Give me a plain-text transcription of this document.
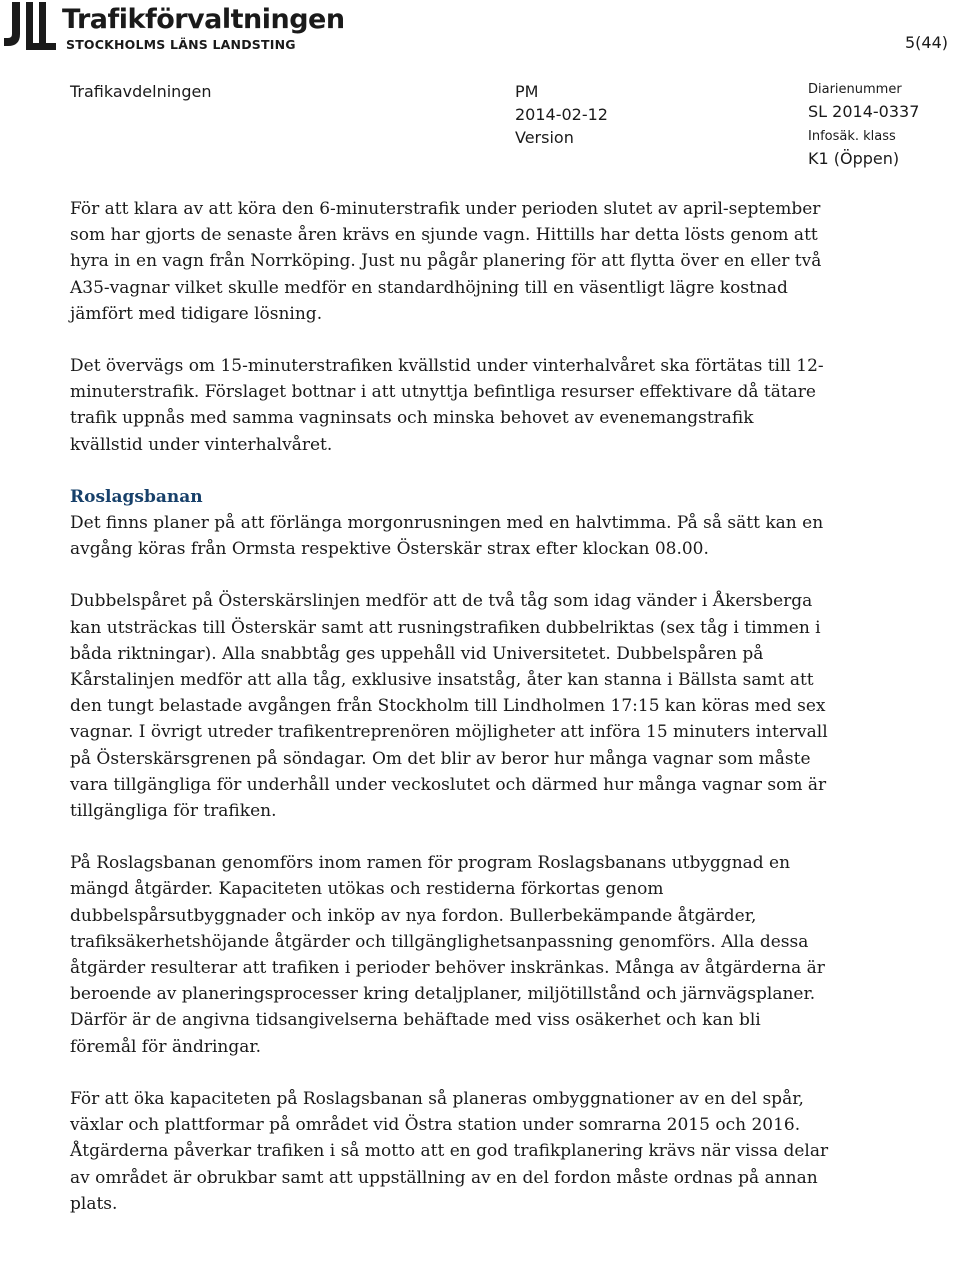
Trafikförvaltningen
STOCKHOLMS LÄNS LANDSTING	5(44)
Trafikavdelningen	PM
2014-02-12
Version
Diarienummer
SL 2014-0337
Infosäk. klass
K1 (Öppen)

För att klara av att köra den 6-minuterstrafik under perioden slutet av april-september som har gjorts de senaste åren krävs en sjunde vagn. Hittills har detta lösts genom att hyra in en vagn från Norrköping. Just nu pågår planering för att flytta över en eller två A35-vagnar vilket skulle medför en standardhöjning till en väsentligt lägre kostnad jämfört med tidigare lösning.

Det övervägs om 15-minuterstrafiken kvällstid under vinterhalvåret ska förtätas till 12-minuterstrafik. Förslaget bottnar i att utnyttja befintliga resurser effektivare då tätare trafik uppnås med samma vagninsats och minska behovet av evenemangstrafik kvällstid under vinterhalvåret.

Roslagsbanan

Det finns planer på att förlänga morgonrusningen med en halvtimma. På så sätt kan en avgång köras från Ormsta respektive Österskär strax efter klockan 08.00.

Dubbelspåret på Österskärslinjen medför att de två tåg som idag vänder i Åkersberga kan utsträckas till Österskär samt att rusningstrafiken dubbelriktas (sex tåg i timmen i båda riktningar). Alla snabbtåg ges uppehåll vid Universitetet. Dubbelspåren på Kårstalinjen medför att alla tåg, exklusive insatståg, åter kan stanna i Bällsta samt att den tungt belastade avgången från Stockholm till Lindholmen 17:15 kan köras med sex vagnar. I övrigt utreder trafikentreprenören möjligheter att införa 15 minuters intervall på Österskärsgrenen på söndagar. Om det blir av beror hur många vagnar som måste vara tillgängliga för underhåll under veckoslutet och därmed hur många vagnar som är tillgängliga för trafiken.

På Roslagsbanan genomförs inom ramen för program Roslagsbanans utbyggnad en mängd åtgärder. Kapaciteten utökas och restiderna förkortas genom dubbelspårsutbyggnader och inköp av nya fordon. Bullerbekämpande åtgärder, trafiksäkerhetshöjande åtgärder och tillgänglighetsanpassning genomförs. Alla dessa åtgärder resulterar att trafiken i perioder behöver inskränkas. Många av åtgärderna är beroende av planeringsprocesser kring detaljplaner, miljötillstånd och järnvägsplaner. Därför är de angivna tidsangivelserna behäftade med viss osäkerhet och kan bli föremål för ändringar.

För att öka kapaciteten på Roslagsbanan så planeras ombyggnationer av en del spår, växlar och plattformar på området vid Östra station under somrarna 2015 och 2016. Åtgärderna påverkar trafiken i så motto att en god trafikplanering krävs när vissa delar av området är obrukbar samt att uppställning av en del fordon måste ordnas på annan plats.
